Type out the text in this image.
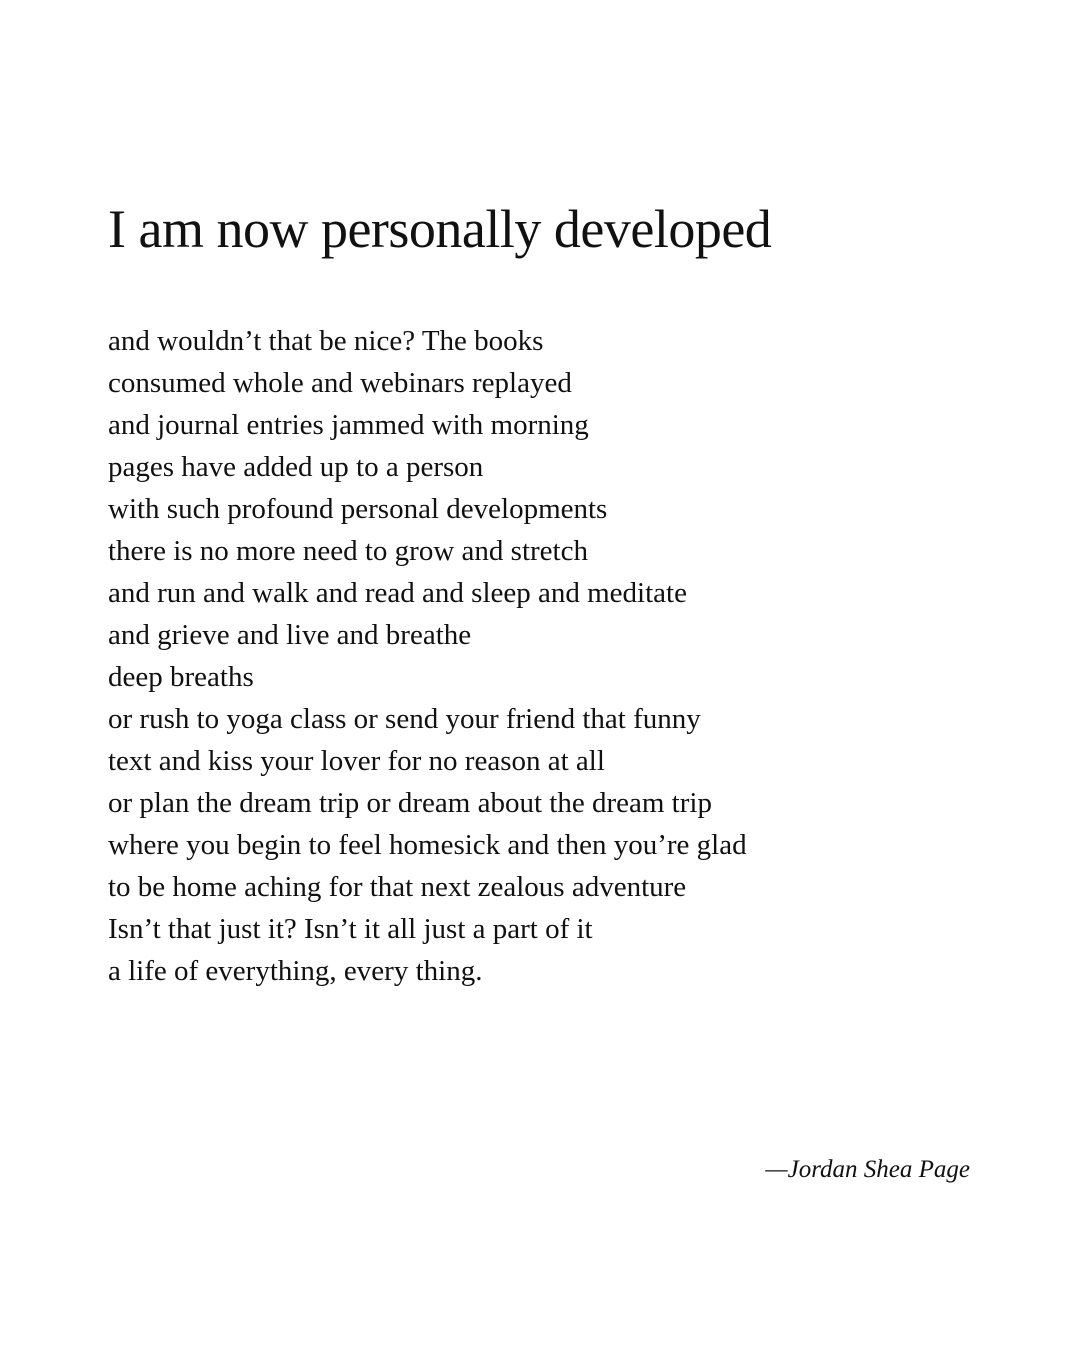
I am now personally developed
and wouldn’t that be nice? The books
consumed whole and webinars replayed
and journal entries jammed with morning
pages have added up to a person
with such profound personal developments
there is no more need to grow and stretch
and run and walk and read and sleep and meditate
and grieve and live and breathe
deep breaths
or rush to yoga class or send your friend that funny
text and kiss your lover for no reason at all
or plan the dream trip or dream about the dream trip
where you begin to feel homesick and then you’re glad
to be home aching for that next zealous adventure
Isn’t that just it? Isn’t it all just a part of it
a life of everything, every thing.
—Jordan Shea Page
